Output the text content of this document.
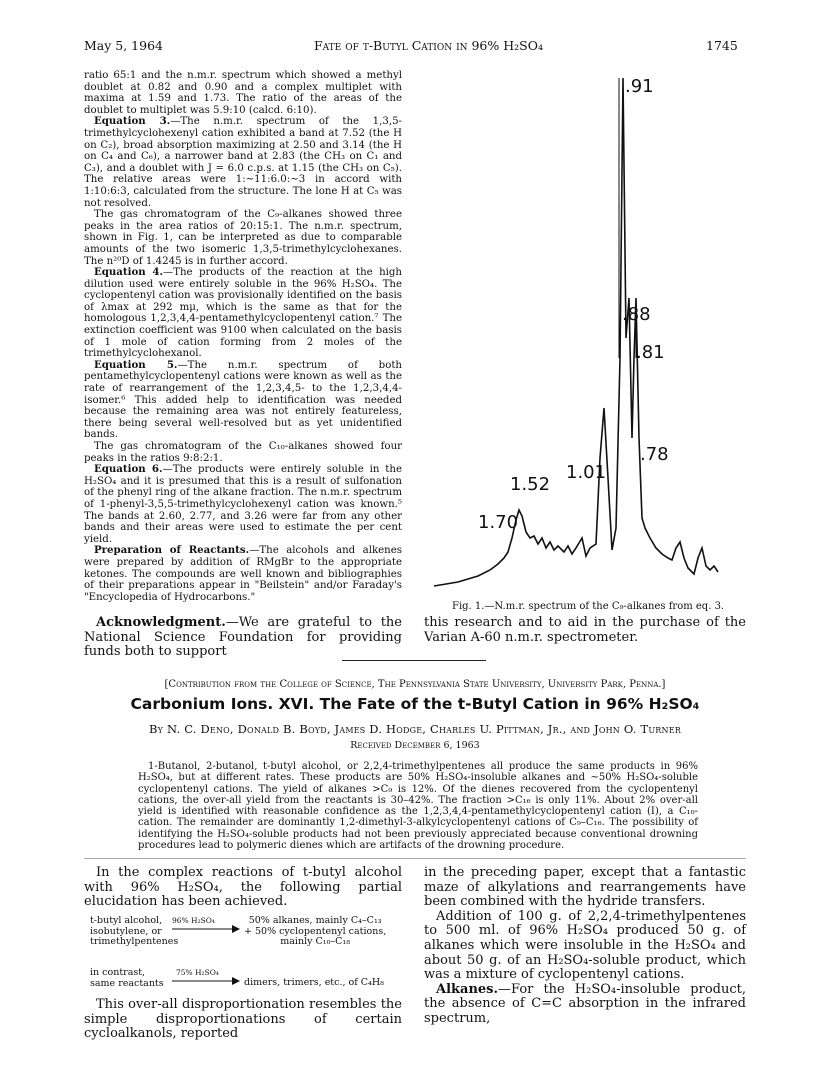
May 5, 1964	Fate of t-Butyl Cation in 96% H₂SO₄	1745

ratio 65:1 and the n.m.r. spectrum which showed a methyl doublet at 0.82 and 0.90 and a complex multiplet with maxima at 1.59 and 1.73. The ratio of the areas of the doublet to multiplet was 5.9:10 (calcd. 6:10).

Equation 3.—The n.m.r. spectrum of the 1,3,5-trimethylcyclohexenyl cation exhibited a band at 7.52 (the H on C₂), broad absorption maximizing at 2.50 and 3.14 (the H on C₄ and C₆), a narrower band at 2.83 (the CH₃ on C₁ and C₃), and a doublet with J = 6.0 c.p.s. at 1.15 (the CH₃ on C₅). The relative areas were 1:∼11:6.0:∼3 in accord with 1:10:6:3, calculated from the structure. The lone H at C₅ was not resolved.

The gas chromatogram of the C₉-alkanes showed three peaks in the area ratios of 20:15:1. The n.m.r. spectrum, shown in Fig. 1, can be interpreted as due to comparable amounts of the two isomeric 1,3,5-trimethylcyclohexanes. The n²⁰D of 1.4245 is in further accord.

Equation 4.—The products of the reaction at the high dilution used were entirely soluble in the 96% H₂SO₄. The cyclopentenyl cation was provisionally identified on the basis of λmax at 292 mμ, which is the same as that for the homologous 1,2,3,4,4-pentamethylcyclopentenyl cation.⁷ The extinction coefficient was 9100 when calculated on the basis of 1 mole of cation forming from 2 moles of the trimethylcyclohexanol.

Equation 5.—The n.m.r. spectrum of both pentamethylcyclopentenyl cations were known as well as the rate of rearrangement of the 1,2,3,4,5- to the 1,2,3,4,4-isomer.⁶ This added help to identification was needed because the remaining area was not entirely featureless, there being several well-resolved but as yet unidentified bands.

The gas chromatogram of the C₁₀-alkanes showed four peaks in the ratios 9:8:2:1.

Equation 6.—The products were entirely soluble in the H₂SO₄ and it is presumed that this is a result of sulfonation of the phenyl ring of the alkane fraction. The n.m.r. spectrum of 1-phenyl-3,5,5-trimethylcyclohexenyl cation was known.⁵ The bands at 2.60, 2.77, and 3.26 were far from any other bands and their areas were used to estimate the per cent yield.

Preparation of Reactants.—The alcohols and alkenes were prepared by addition of RMgBr to the appropriate ketones. The compounds are well known and bibliographies of their preparations appear in "Beilstein" and/or Faraday's "Encyclopedia of Hydrocarbons."

.91
.88
.81
.78
1.01
1.52
1.70
Fig. 1.—N.m.r. spectrum of the C₉-alkanes from eq. 3.

Acknowledgment.—We are grateful to the National Science Foundation for providing funds both to support

this research and to aid in the purchase of the Varian A-60 n.m.r. spectrometer.
[Contribution from the College of Science, The Pennsylvania State University, University Park, Penna.]
Carbonium Ions. XVI. The Fate of the t-Butyl Cation in 96% H₂SO₄
By N. C. Deno, Donald B. Boyd, James D. Hodge, Charles U. Pittman, Jr., and John O. Turner
Received December 6, 1963

1-Butanol, 2-butanol, t-butyl alcohol, or 2,2,4-trimethylpentenes all produce the same products in 96% H₂SO₄, but at different rates. These products are 50% H₂SO₄-insoluble alkanes and ∼50% H₂SO₄-soluble cyclopentenyl cations. The yield of alkanes >C₉ is 12%. Of the dienes recovered from the cyclopentenyl cations, the over-all yield from the reactants is 30–42%. The fraction >C₁₆ is only 11%. About 2% over-all yield is identified with reasonable confidence as the 1,2,3,4,4-pentamethylcyclopentenyl cation (I), a C₁₀-cation. The remainder are dominantly 1,2-dimethyl-3-alkylcyclopentenyl cations of C₉–C₁₆. The possibility of identifying the H₂SO₄-soluble products had not been previously appreciated because conventional drowning procedures lead to polymeric dienes which are artifacts of the drowning procedure.

In the complex reactions of t-butyl alcohol with 96% H₂SO₄, the following partial elucidation has been achieved.

t-butyl alcohol,
isobutylene, or
trimethylpentenes
96% H₂SO₄	50% alkanes, mainly C₄–C₁₃
+ 50% cyclopentenyl cations,
mainly C₁₀–C₁₈
in contrast,
same reactants
75% H₂SO₄
dimers, trimers, etc., of C₄H₈

This over-all disproportionation resembles the simple disproportionations of certain cycloalkanols, reported

in the preceding paper, except that a fantastic maze of alkylations and rearrangements have been combined with the hydride transfers.

Addition of 100 g. of 2,2,4-trimethylpentenes to 500 ml. of 96% H₂SO₄ produced 50 g. of alkanes which were insoluble in the H₂SO₄ and about 50 g. of an H₂SO₄-soluble product, which was a mixture of cyclopentenyl cations.

Alkanes.—For the H₂SO₄-insoluble product, the absence of C=C absorption in the infrared spectrum,
